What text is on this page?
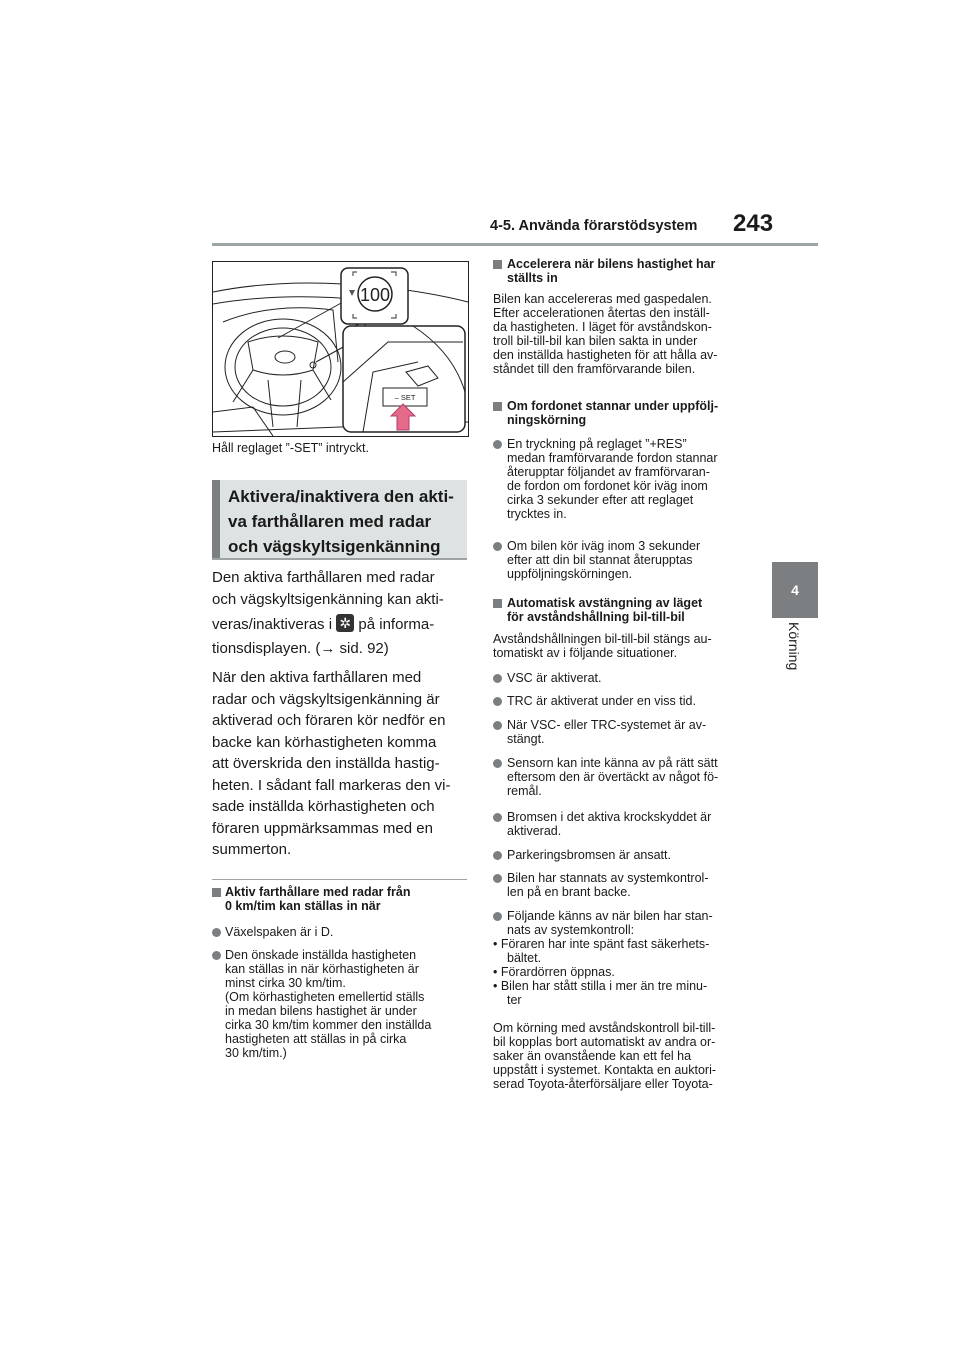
4-5. Använda förarstödsystem 243
4
Körning
100
– SET
Håll reglaget ”-SET” intryckt.
Aktivera/inaktivera den akti-
va farthållaren med radar
och vägskyltsigenkänning
Den aktiva farthållaren med radar
och vägskyltsigenkänning kan akti-
veras/inaktiveras i ✲ på informa-
tionsdisplayen. (→ sid. 92)
När den aktiva farthållaren med
radar och vägskyltsigenkänning är
aktiverad och föraren kör nedför en
backe kan körhastigheten komma
att överskrida den inställda hastig-
heten. I sådant fall markeras den vi-
sade inställda körhastigheten och
föraren uppmärksammas med en
summerton.
Aktiv farthållare med radar från
0 km/tim kan ställas in när
Växelspaken är i D.
Den önskade inställda hastigheten
kan ställas in när körhastigheten är
minst cirka 30 km/tim.
(Om körhastigheten emellertid ställs
in medan bilens hastighet är under
cirka 30 km/tim kommer den inställda
hastigheten att ställas in på cirka
30 km/tim.)
Accelerera när bilens hastighet har
ställts in
Bilen kan accelereras med gaspedalen.
Efter accelerationen återtas den inställ-
da hastigheten. I läget för avståndskon-
troll bil-till-bil kan bilen sakta in under
den inställda hastigheten för att hålla av-
ståndet till den framförvarande bilen.
Om fordonet stannar under uppfölj-
ningskörning
En tryckning på reglaget ”+RES”
medan framförvarande fordon stannar
återupptar följandet av framförvaran-
de fordon om fordonet kör iväg inom
cirka 3 sekunder efter att reglaget
trycktes in.
Om bilen kör iväg inom 3 sekunder
efter att din bil stannat återupptas
uppföljningskörningen.
Automatisk avstängning av läget
för avståndshållning bil-till-bil
Avståndshållningen bil-till-bil stängs au-
tomatiskt av i följande situationer.
VSC är aktiverat.
TRC är aktiverat under en viss tid.
När VSC- eller TRC-systemet är av-
stängt.
Sensorn kan inte känna av på rätt sätt
eftersom den är övertäckt av något fö-
remål.
Bromsen i det aktiva krockskyddet är
aktiverad.
Parkeringsbromsen är ansatt.
Bilen har stannats av systemkontrol-
len på en brant backe.
Följande känns av när bilen har stan-
nats av systemkontroll:
• Föraren har inte spänt fast säkerhets-
bältet.
• Förardörren öppnas.
• Bilen har stått stilla i mer än tre minu-
ter
Om körning med avståndskontroll bil-till-
bil kopplas bort automatiskt av andra or-
saker än ovanstående kan ett fel ha
uppstått i systemet. Kontakta en auktori-
serad Toyota-återförsäljare eller Toyota-
